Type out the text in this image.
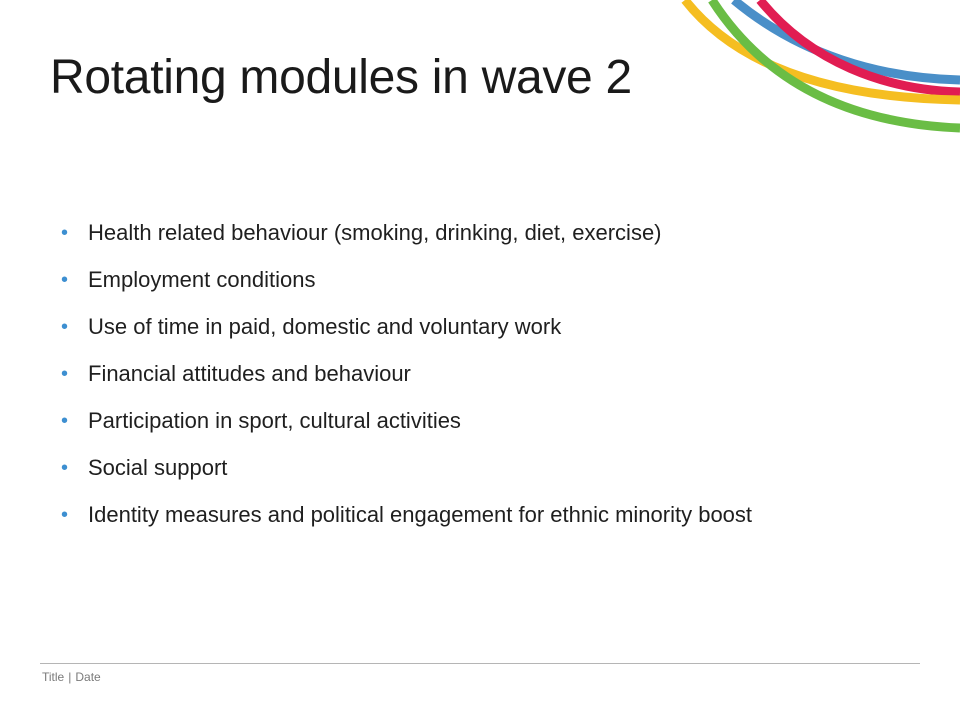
Rotating modules in wave 2
• Health related behaviour (smoking, drinking, diet, exercise)
• Employment conditions
• Use of time in paid, domestic and voluntary work
• Financial attitudes and behaviour
• Participation in sport, cultural activities
• Social support
• Identity measures and political engagement for ethnic minority boost
Title | Date
